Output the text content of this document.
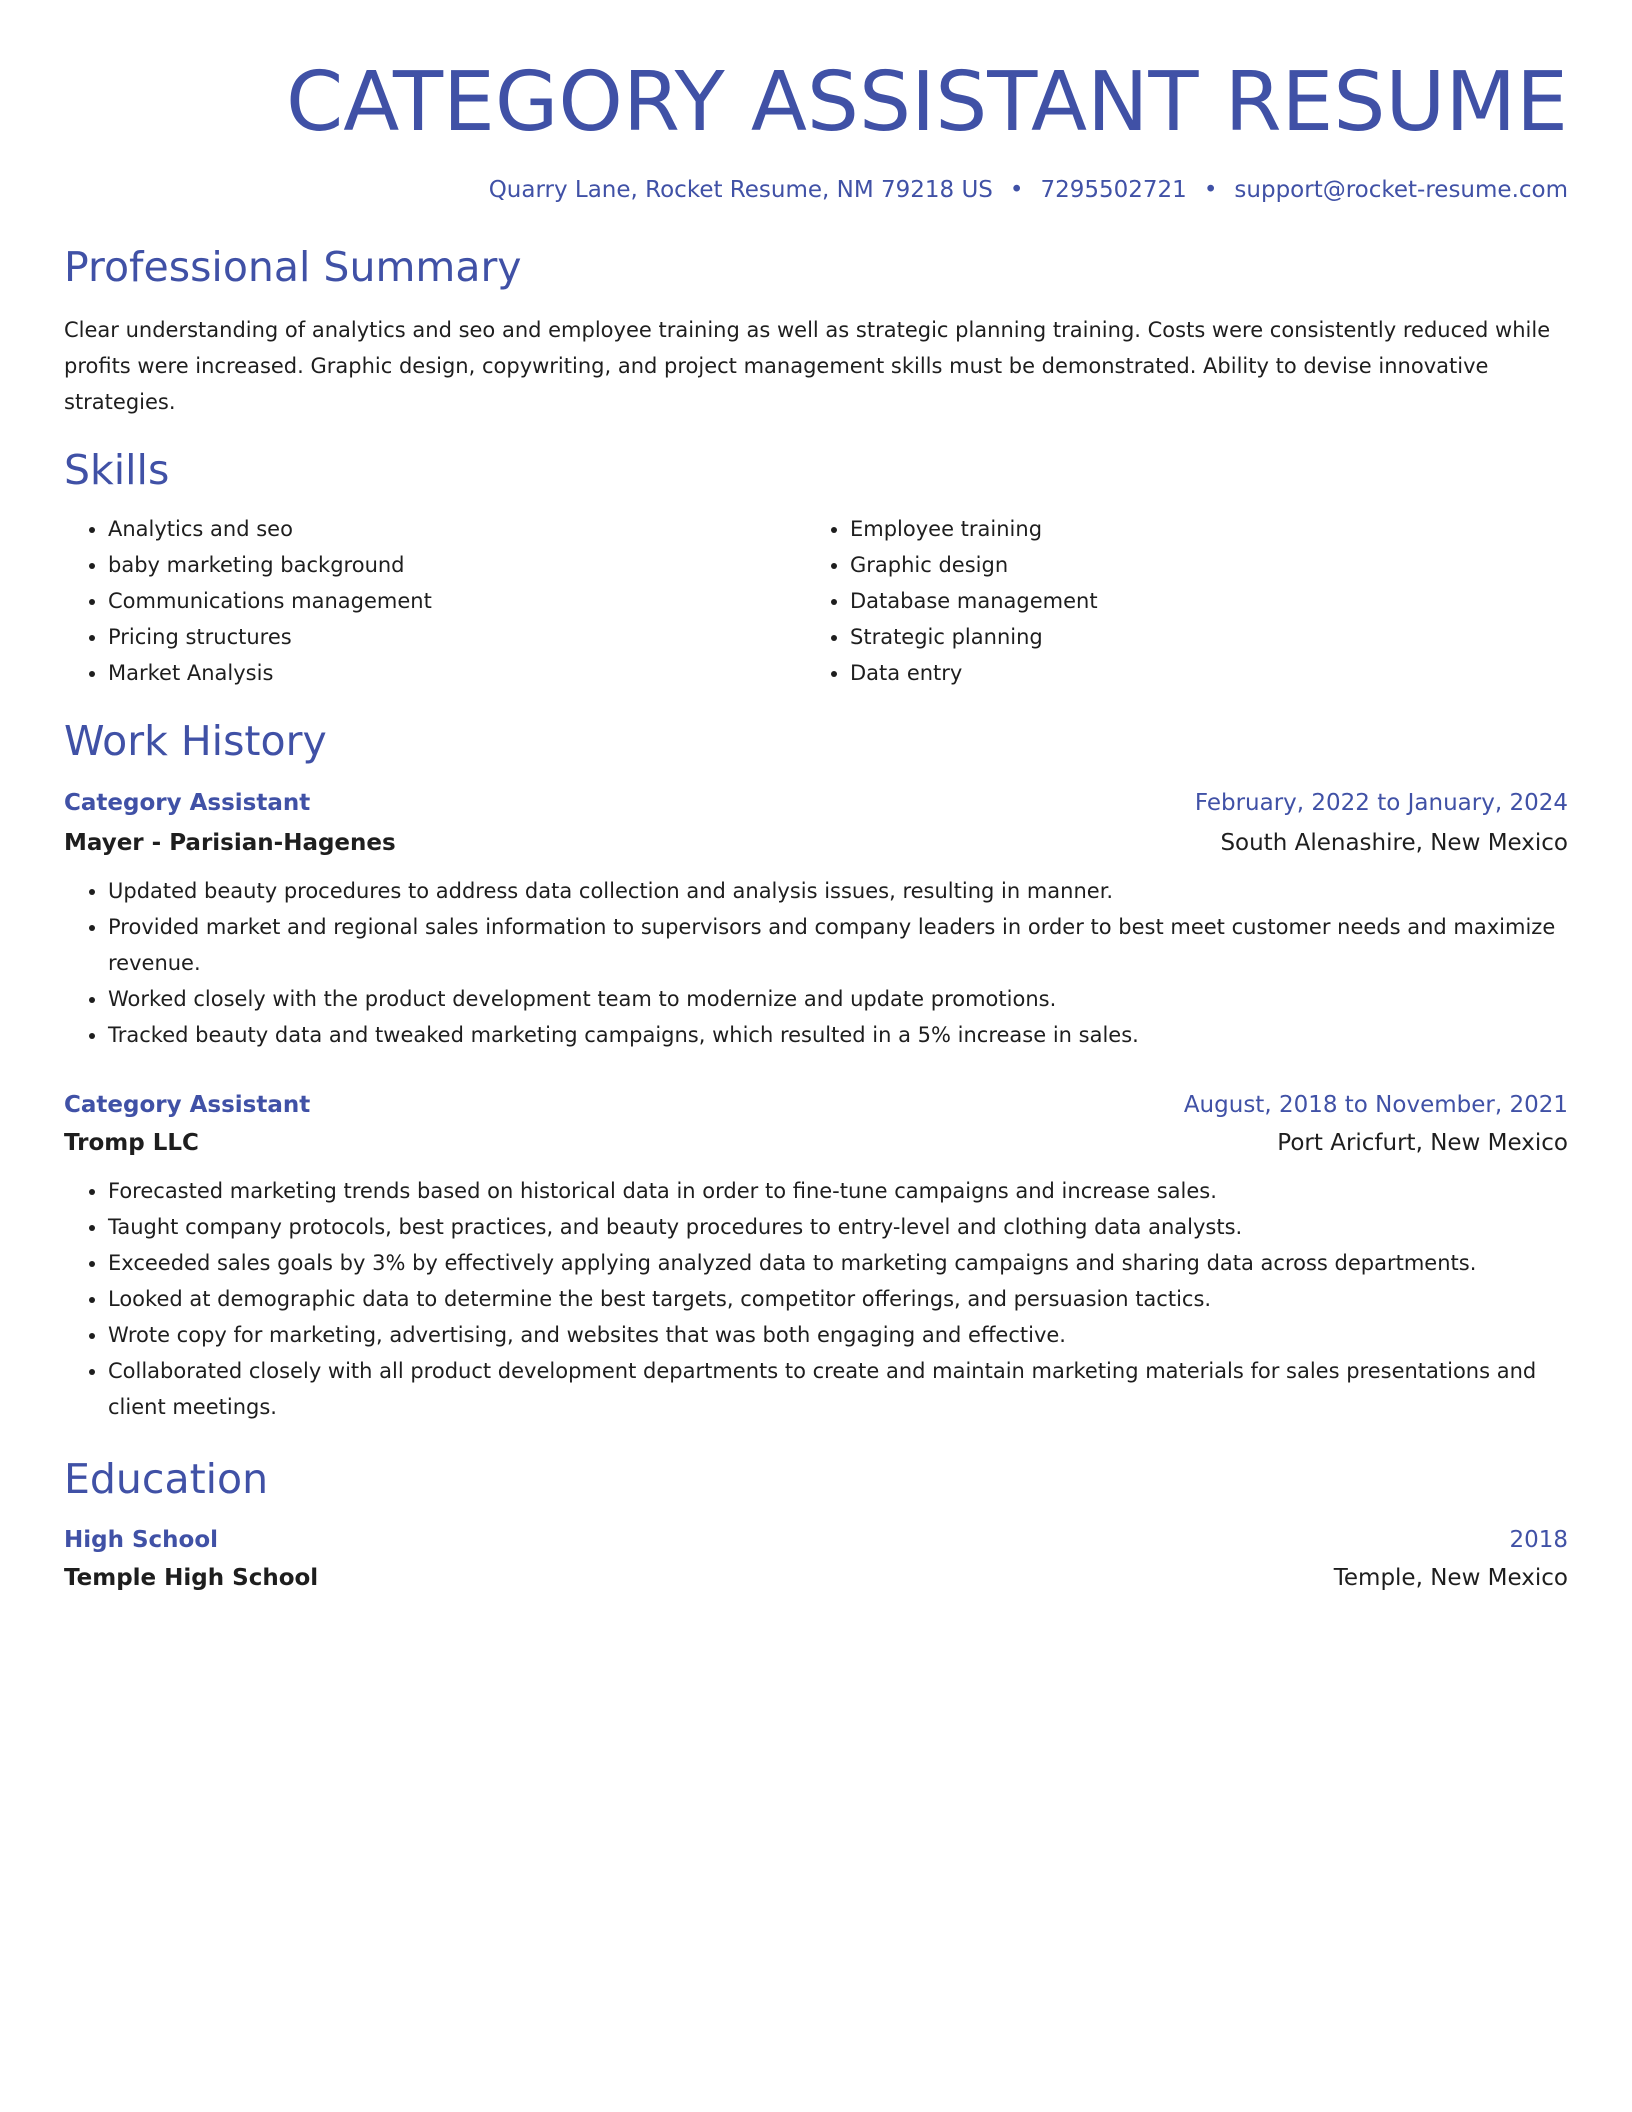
CATEGORY ASSISTANT RESUME
Quarry Lane, Rocket Resume, NM 79218 US • 7295502721 • support@rocket-resume.com
Professional Summary
Clear understanding of analytics and seo and employee training as well as strategic planning training. Costs were consistently reduced while profits were increased. Graphic design, copywriting, and project management skills must be demonstrated. Ability to devise innovative strategies.
Skills
• Analytics and seo
• baby marketing background
• Communications management
• Pricing structures
• Market Analysis
• Employee training
• Graphic design
• Database management
• Strategic planning
• Data entry
Work History
Category Assistant	February, 2022 to January, 2024
Mayer - Parisian-Hagenes	South Alenashire, New Mexico
• Updated beauty procedures to address data collection and analysis issues, resulting in manner.
• Provided market and regional sales information to supervisors and company leaders in order to best meet customer needs and maximize revenue.
• Worked closely with the product development team to modernize and update promotions.
• Tracked beauty data and tweaked marketing campaigns, which resulted in a 5% increase in sales.
Category Assistant	August, 2018 to November, 2021
Tromp LLC	Port Aricfurt, New Mexico
• Forecasted marketing trends based on historical data in order to fine-tune campaigns and increase sales.
• Taught company protocols, best practices, and beauty procedures to entry-level and clothing data analysts.
• Exceeded sales goals by 3% by effectively applying analyzed data to marketing campaigns and sharing data across departments.
• Looked at demographic data to determine the best targets, competitor offerings, and persuasion tactics.
• Wrote copy for marketing, advertising, and websites that was both engaging and effective.
• Collaborated closely with all product development departments to create and maintain marketing materials for sales presentations and client meetings.
Education
High School	2018
Temple High School	Temple, New Mexico
